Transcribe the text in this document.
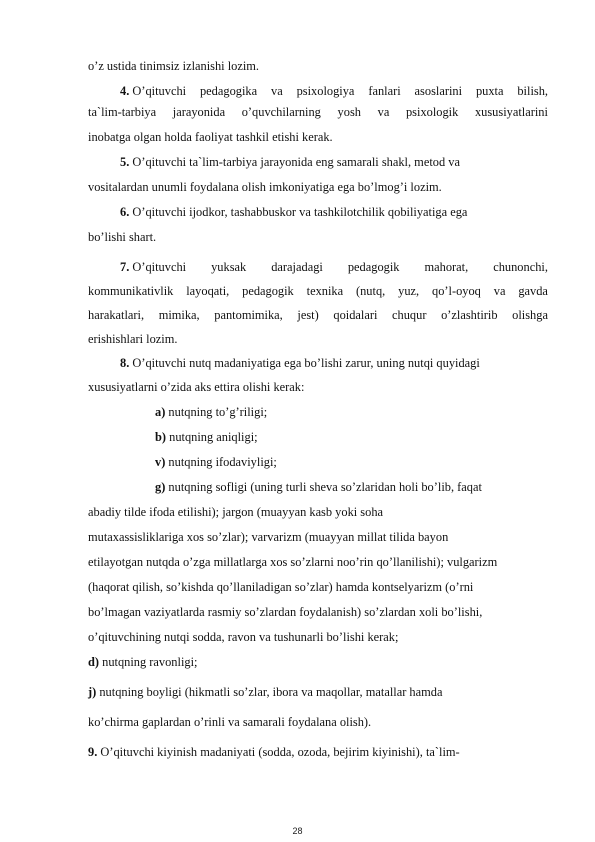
o’z ustida tinimsiz izlanishi lozim.
4. O’qituvchi pedagogika va psixologiya fanlari asoslarini puxta bilish,
ta`lim-tarbiya jarayonida o’quvchilarning yosh va psixologik xususiyatlarini
inobatga olgan holda faoliyat tashkil etishi kerak.
5. O’qituvchi ta`lim-tarbiya jarayonida eng samarali shakl, metod va
vositalardan unumli foydalana olish imkoniyatiga ega bo’lmog’i lozim.
6. O’qituvchi ijodkor, tashabbuskor va tashkilotchilik qobiliyatiga ega
bo’lishi shart.
7. O’qituvchi yuksak darajadagi pedagogik mahorat, chunonchi,
kommunikativlik layoqati, pedagogik texnika (nutq, yuz, qo’l-oyoq va gavda
harakatlari, mimika, pantomimika, jest) qoidalari chuqur o’zlashtirib olishga
erishishlari lozim.
8. O’qituvchi nutq madaniyatiga ega bo’lishi zarur, uning nutqi quyidagi
xususiyatlarni o’zida aks ettira olishi kerak:
a) nutqning to’g’riligi;
b) nutqning aniqligi;
v) nutqning ifodaviyligi;
g) nutqning sofligi (uning turli sheva so’zlaridan holi bo’lib, faqat
abadiy tilde ifoda etilishi); jargon (muayyan kasb yoki soha
mutaxassisliklariga xos so’zlar); varvarizm (muayyan millat tilida bayon
etilayotgan nutqda o’zga millatlarga xos so’zlarni noo’rin qo’llanilishi); vulgarizm
(haqorat qilish, so’kishda qo’llaniladigan so’zlar) hamda kontselyarizm (o’rni
bo’lmagan vaziyatlarda rasmiy so’zlardan foydalanish) so’zlardan xoli bo’lishi,
o’qituvchining nutqi sodda, ravon va tushunarli bo’lishi kerak;
d) nutqning ravonligi;
j) nutqning boyligi (hikmatli so’zlar, ibora va maqollar, matallar hamda
ko’chirma gaplardan o’rinli va samarali foydalana olish).
9. O’qituvchi kiyinish madaniyati (sodda, ozoda, bejirim kiyinishi), ta`lim-
28
